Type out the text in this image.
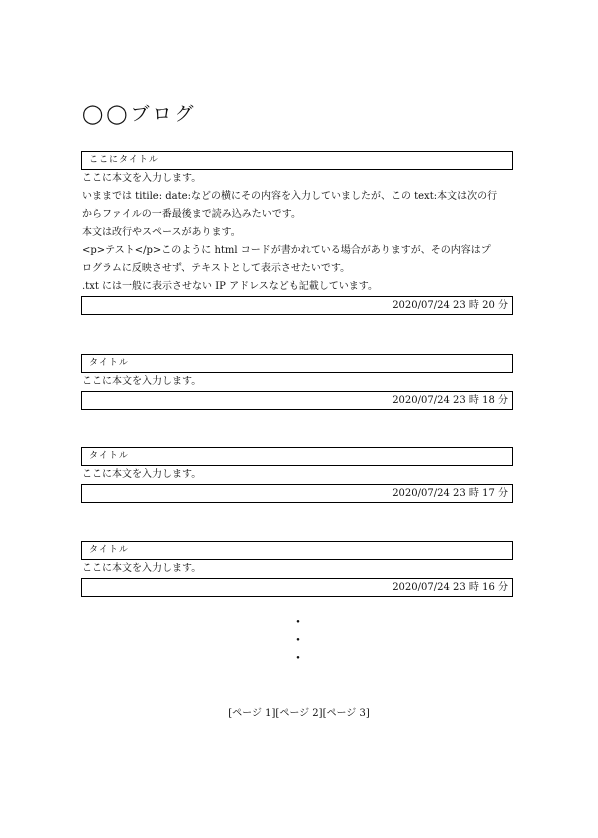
◯◯ブログ
ここにタイトル

ここに本文を入力します。

いままでは titile: date:などの横にその内容を入力していましたが、この text:本文は次の行

からファイルの一番最後まで読み込みたいです。

本文は改行やスペースがあります。

<p>テスト</p>このように html コードが書かれている場合がありますが、その内容はプ

ログラムに反映させず、テキストとして表示させたいです。

.txt には一般に表示させない IP アドレスなども記載しています。

2020/07/24 23 時 20 分
タイトル

ここに本文を入力します。

2020/07/24 23 時 18 分
タイトル

ここに本文を入力します。

2020/07/24 23 時 17 分
タイトル

ここに本文を入力します。

2020/07/24 23 時 16 分
・
・
・
[ページ 1][ページ 2][ページ 3]
